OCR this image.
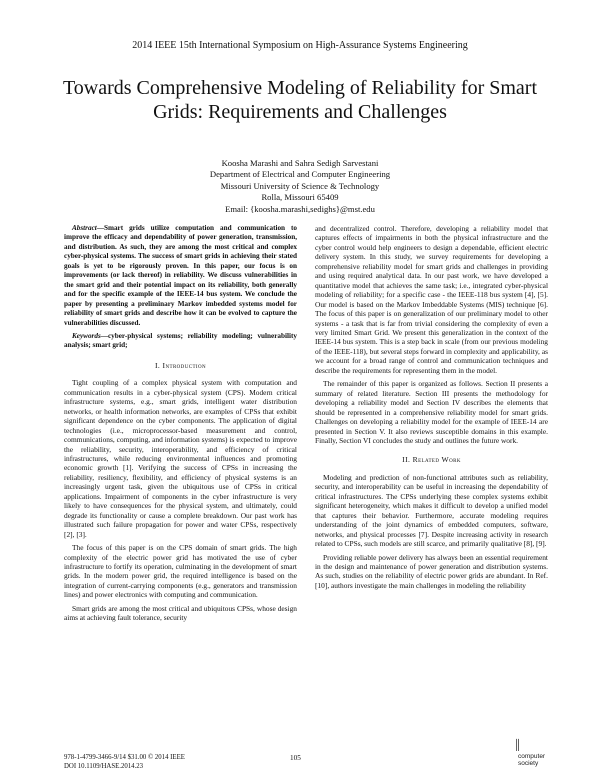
2014 IEEE 15th International Symposium on High-Assurance Systems Engineering
Towards Comprehensive Modeling of Reliability for Smart Grids: Requirements and Challenges
Koosha Marashi and Sahra Sedigh Sarvestani
Department of Electrical and Computer Engineering
Missouri University of Science & Technology
Rolla, Missouri 65409
Email: {koosha.marashi,sedighs}@mst.edu

Abstract—Smart grids utilize computation and communication to improve the efficacy and dependability of power generation, transmission, and distribution. As such, they are among the most critical and complex cyber-physical systems. The success of smart grids in achieving their stated goals is yet to be rigorously proven. In this paper, our focus is on improvements (or lack thereof) in reliability. We discuss vulnerabilities in the smart grid and their potential impact on its reliability, both generally and for the specific example of the IEEE-14 bus system. We conclude the paper by presenting a preliminary Markov imbedded systems model for reliability of smart grids and describe how it can be evolved to capture the vulnerabilities discussed.

Keywords—cyber-physical systems; reliability modeling; vulnerability analysis; smart grid;

I. Introduction

Tight coupling of a complex physical system with computation and communication results in a cyber-physical system (CPS). Modern critical infrastructure systems, e.g., smart grids, intelligent water distribution networks, or health information networks, are examples of CPSs that exhibit significant dependence on the cyber components. The application of digital technologies (i.e., microprocessor-based measurement and control, communications, computing, and information systems) is expected to improve the reliability, security, interoperability, and efficiency of critical infrastructures, while reducing environmental influences and promoting economic growth [1]. Verifying the success of CPSs in increasing the reliability, resiliency, flexibility, and efficiency of physical systems is an increasingly urgent task, given the ubiquitous use of CPSs in critical applications. Impairment of components in the cyber infrastructure is very likely to have consequences for the physical system, and ultimately, could degrade its functionality or cause a complete breakdown. Our past work has illustrated such failure propagation for power and water CPSs, respectively [2], [3].

The focus of this paper is on the CPS domain of smart grids. The high complexity of the electric power grid has motivated the use of cyber infrastructure to fortify its operation, culminating in the development of smart grids. In the modern power grid, the required intelligence is based on the integration of current-carrying components (e.g., generators and transmission lines) and power electronics with computing and communication.

Smart grids are among the most critical and ubiquitous CPSs, whose design aims at achieving fault tolerance, security

and decentralized control. Therefore, developing a reliability model that captures effects of impairments in both the physical infrastructure and the cyber control would help engineers to design a dependable, efficient electric delivery system. In this study, we survey requirements for developing a comprehensive reliability model for smart grids and challenges in providing and using required analytical data. In our past work, we have developed a quantitative model that achieves the same task; i.e., integrated cyber-physical modeling of reliability; for a specific case - the IEEE-118 bus system [4], [5]. Our model is based on the Markov Imbeddable Systems (MIS) technique [6]. The focus of this paper is on generalization of our preliminary model to other systems - a task that is far from trivial considering the complexity of even a very limited Smart Grid. We present this generalization in the context of the IEEE-14 bus system. This is a step back in scale (from our previous modeling of the IEEE-118), but several steps forward in complexity and applicability, as we account for a broad range of control and communication techniques and describe the requirements for representing them in the model.

The remainder of this paper is organized as follows. Section II presents a summary of related literature. Section III presents the methodology for developing a reliability model and Section IV describes the elements that should be represented in a comprehensive reliability model for smart grids. Challenges on developing a reliability model for the example of IEEE-14 are presented in Section V. It also reviews susceptible domains in this example. Finally, Section VI concludes the study and outlines the future work.

II. Related Work

Modeling and prediction of non-functional attributes such as reliability, security, and interoperability can be useful in increasing the dependability of critical infrastructures. The CPSs underlying these complex systems exhibit significant heterogeneity, which makes it difficult to develop a unified model that captures their behavior. Furthermore, accurate modeling requires understanding of the joint dynamics of embedded computers, software, networks, and physical processes [7]. Despite increasing activity in research related to CPSs, such models are still scarce, and primarily qualitative [8], [9].

Providing reliable power delivery has always been an essential requirement in the design and maintenance of power generation and distribution systems. As such, studies on the reliability of electric power grids are abundant. In Ref. [10], authors investigate the main challenges in modeling the reliability

978-1-4799-3466-9/14 $31.00 © 2014 IEEE
DOI 10.1109/HASE.2014.23
105
║
computer
society
